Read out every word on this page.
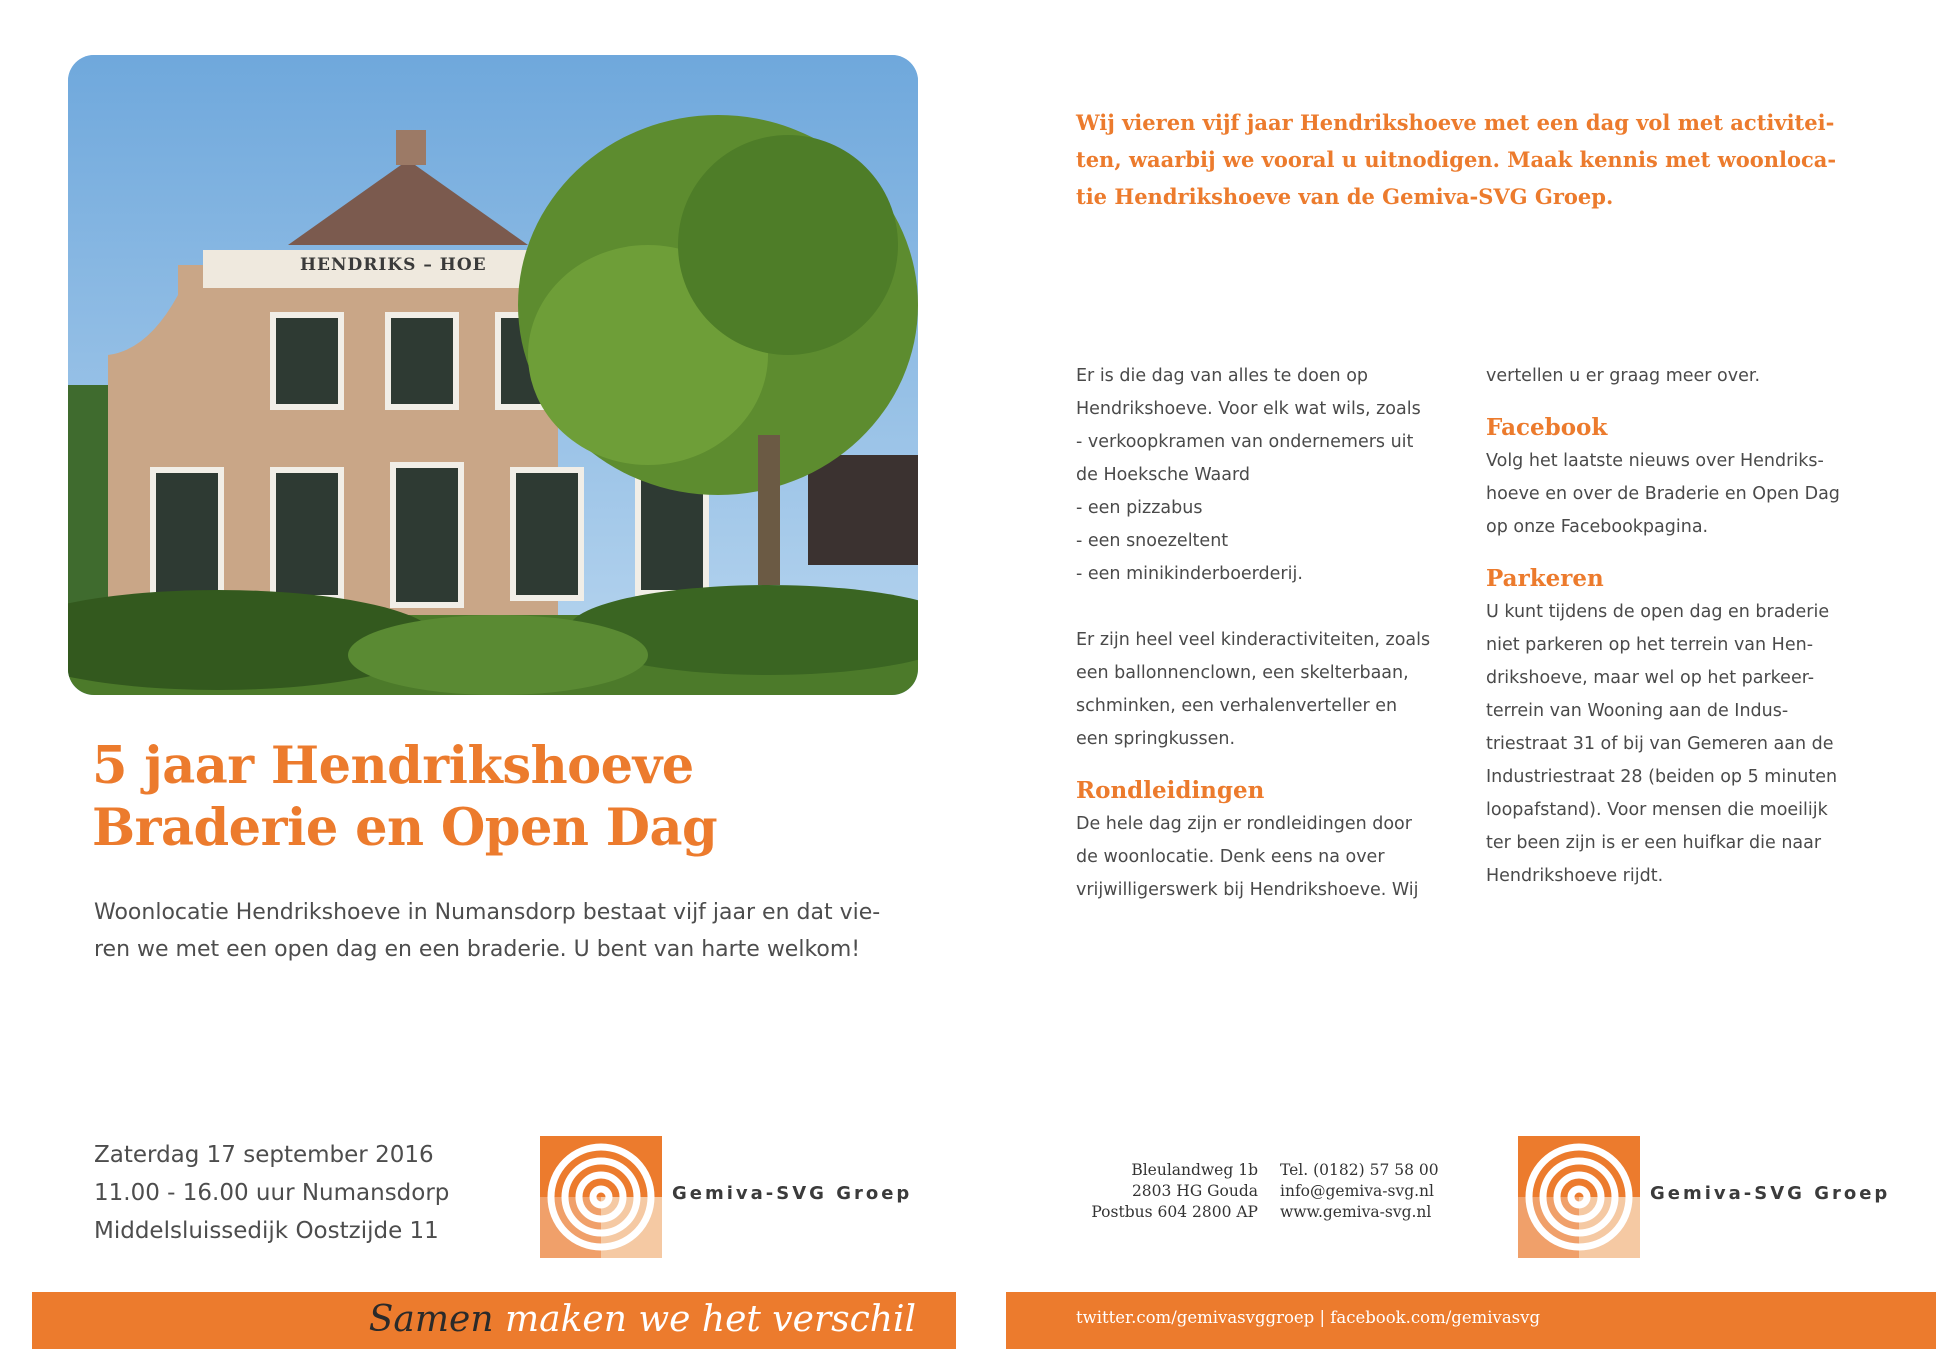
HENDRIKS – HOE
5 jaar Hendrikshoeve
Braderie en Open Dag
Woonlocatie Hendrikshoeve in Numansdorp bestaat vijf jaar en dat vie-
ren we met een open dag en een braderie. U bent van harte welkom!
Zaterdag 17 september 2016
11.00 - 16.00 uur Numansdorp
Middelsluissedijk Oostzijde 11
Gemiva-SVG Groep
Samen maken we het verschil
Wij vieren vijf jaar Hendrikshoeve met een dag vol met activitei-
ten, waarbij we vooral u uitnodigen. Maak kennis met woonloca-
tie Hendrikshoeve van de Gemiva-SVG Groep.
Er is die dag van alles te doen op
Hendrikshoeve. Voor elk wat wils, zoals
- verkoopkramen van ondernemers uit
de Hoeksche Waard
- een pizzabus
- een snoezeltent
- een minikinderboerderij.
Er zijn heel veel kinderactiviteiten, zoals
een ballonnenclown, een skelterbaan,
schminken, een verhalenverteller en
een springkussen.
Rondleidingen
De hele dag zijn er rondleidingen door
de woonlocatie. Denk eens na over
vrijwilligerswerk bij Hendrikshoeve. Wij
vertellen u er graag meer over.
Facebook
Volg het laatste nieuws over Hendriks-
hoeve en over de Braderie en Open Dag
op onze Facebookpagina.
Parkeren
U kunt tijdens de open dag en braderie
niet parkeren op het terrein van Hen-
drikshoeve, maar wel op het parkeer-
terrein van Wooning aan de Indus-
triestraat 31 of bij van Gemeren aan de
Industriestraat 28 (beiden op 5 minuten
loopafstand). Voor mensen die moeilijk
ter been zijn is er een huifkar die naar
Hendrikshoeve rijdt.
Bleulandweg 1b
2803 HG Gouda
Postbus 604 2800 AP
Tel. (0182) 57 58 00
info@gemiva-svg.nl
www.gemiva-svg.nl
Gemiva-SVG Groep
twitter.com/gemivasvggroep | facebook.com/gemivasvg
